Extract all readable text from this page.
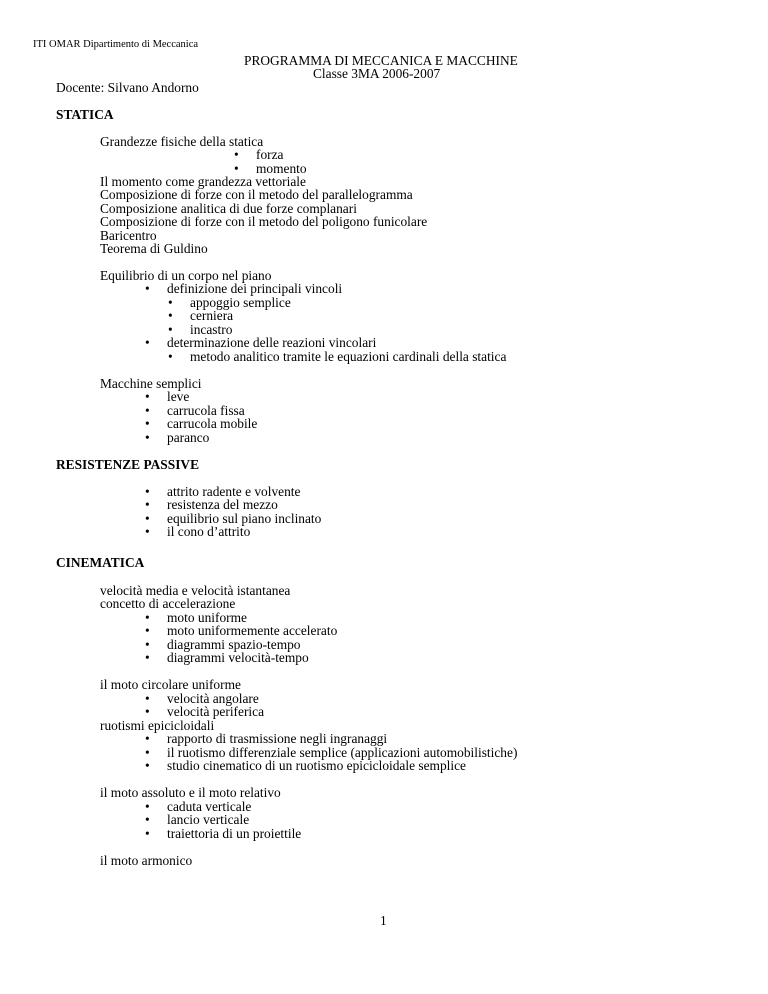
ITI OMAR Dipartimento di Meccanica
PROGRAMMA DI MECCANICA E MACCHINE
Classe 3MA 2006-2007
Docente: Silvano Andorno
STATICA
Grandezze fisiche della statica
• forza
• momento
Il momento come grandezza vettoriale
Composizione di forze con il metodo del parallelogramma
Composizione analitica di due forze complanari
Composizione di forze con il metodo del poligono funicolare
Baricentro
Teorema di Guldino
Equilibrio di un corpo nel piano
• definizione dei principali vincoli
• appoggio semplice
• cerniera
• incastro
• determinazione delle reazioni vincolari
• metodo analitico tramite le equazioni cardinali della statica
Macchine semplici
• leve
• carrucola fissa
• carrucola mobile
• paranco
RESISTENZE PASSIVE
• attrito radente e volvente
• resistenza del mezzo
• equilibrio sul piano inclinato
• il cono d’attrito
CINEMATICA
velocità media e velocità istantanea
concetto di accelerazione
• moto uniforme
• moto uniformemente accelerato
• diagrammi spazio-tempo
• diagrammi velocità-tempo
il moto circolare uniforme
• velocità angolare
• velocità periferica
ruotismi epicicloidali
• rapporto di trasmissione negli ingranaggi
• il ruotismo differenziale semplice (applicazioni automobilistiche)
• studio cinematico di un ruotismo epicicloidale semplice
il moto assoluto e il moto relativo
• caduta verticale
• lancio verticale
• traiettoria di un proiettile
il moto armonico
1
